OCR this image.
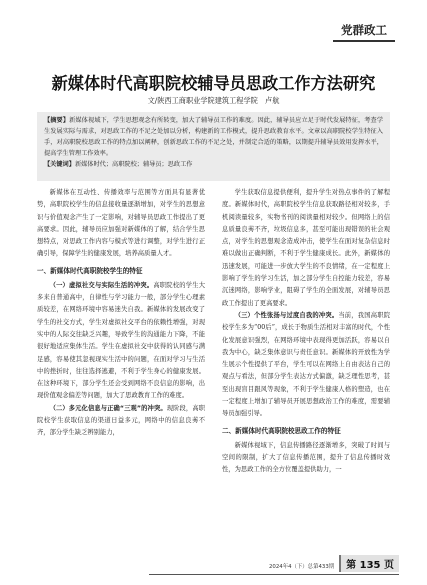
党群政工
新媒体时代高职院校辅导员思政工作方法研究
文/陕西工商职业学院建筑工程学院　卢航
【摘要】新媒体视域下，学生思想观念有所转变，加大了辅导员工作的难度。因此，辅导员应立足于时代发展特征，考查学生发展实际与需求，对思政工作的不足之处加以分析，构建新的工作模式，提升思政教育水平。文章以高职院校学生特征入手，对高职院校思政工作的特点加以阐释，创新思政工作的不足之处，并制定合适的策略，以期提升辅导员效用发挥水平，提高学生管理工作效率。
【关键词】新媒体时代；高职院校；辅导员；思政工作

新媒体在互动性、传播效率与范围等方面具有显著优势，高职院校学生的信息接收量逐渐增加，对学生的思想意识与价值观念产生了一定影响，对辅导员思政工作提出了更高要求。因此，辅导员应加强对新媒体的了解，结合学生思想特点，对思政工作内容与模式等进行调整，对学生进行正确引导，保障学生的健康发展，培养高质量人才。

一、新媒体时代高职院校学生的特征

（一）虚拟社交与实际生活的冲突。高职院校的学生大多来自普通高中，自律性与学习能力一般，部分学生心理素质较差，在网络环境中容易迷失自我。新媒体的发展改变了学生的社交方式，学生对虚拟社交平台的依赖性增强，对现实中的人际交往缺乏兴趣，导致学生的沟通能力下降，不能很好地适应集体生活。学生在虚拟社交中获得的认同感与满足感，容易使其忽视现实生活中的问题，在面对学习与生活中的挫折时，往往选择逃避，不利于学生身心的健康发展。在这种环境下，部分学生还会受到网络不良信息的影响，出现价值观念偏差等问题，加大了思政教育工作的难度。

（二）多元化信息与正确“三观”的冲突。现阶段，高职院校学生获取信息的渠道日益多元，网络中的信息良莠不齐，部分学生缺乏辨别能力，

学生获取信息提供便利，提升学生对热点事件的了解程度。新媒体时代，高职院校学生信息获取路径相对较多，手机阅读量较多，实物书刊的阅读量相对较少。但网络上的信息质量良莠不齐，垃圾信息多，甚至可能出现错误的社会观点，对学生的思想观念造成冲击，使学生在面对复杂信息时难以做出正确判断，不利于学生健康成长。此外，新媒体的迅速发展，可能进一步放大学生的不良情绪，在一定程度上影响了学生的学习生活，加之部分学生自控能力较差，容易沉迷网络，影响学业，阻碍了学生的全面发展，对辅导员思政工作提出了更高要求。

（三）个性张扬与过度自我的冲突。当前，我国高职院校学生多为“00后”，成长于物质生活相对丰富的时代，个性化发展意识强烈，在网络环境中表现得更加活跃，容易以自我为中心，缺乏集体意识与责任意识。新媒体的开放性为学生展示个性提供了平台，学生可以在网络上自由表达自己的观点与看法，但部分学生表达方式偏激，缺乏理性思考，甚至出现盲目跟风等现象，不利于学生健康人格的塑造，也在一定程度上增加了辅导员开展思想政治工作的难度，需要辅导员加强引导。

二、新媒体时代高职院校思政工作的特征

新媒体视域下，信息传播路径逐渐增多，突破了时间与空间的限制，扩大了信息传播范围，提升了信息传播时效性，为思政工作的全方位覆盖提供助力，一

2024年4（下）总第433期	第 135 页
